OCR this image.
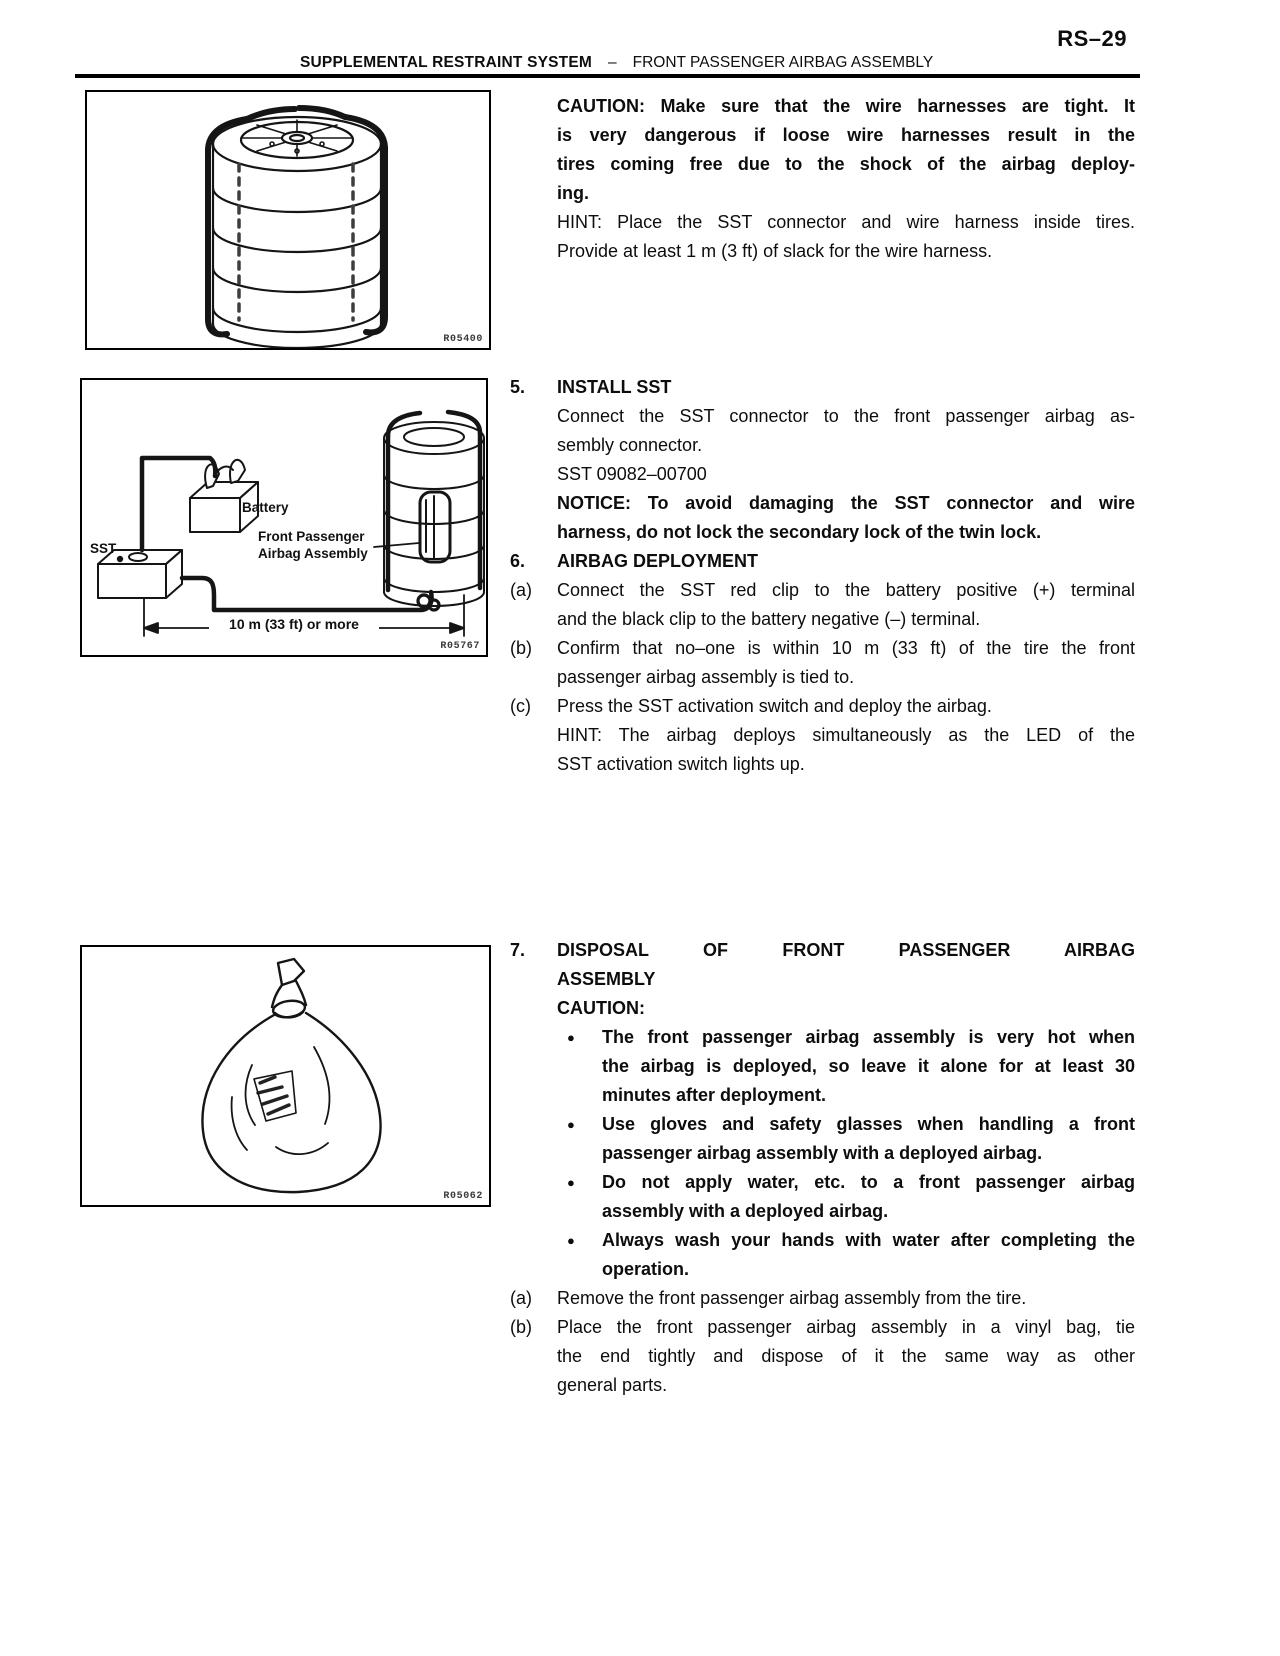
RS–29
SUPPLEMENTAL RESTRAINT SYSTEM – FRONT PASSENGER AIRBAG ASSEMBLY
R05400
SST
Battery
Front Passenger
Airbag Assembly
10 m (33 ft) or more
R05767
R05062
CAUTION: Make sure that the wire harnesses are tight. It
is very dangerous if loose wire harnesses result in the
tires coming free due to the shock of the airbag deploy-
ing.
HINT: Place the SST connector and wire harness inside tires.
Provide at least 1 m (3 ft) of slack for the wire harness.
5. INSTALL SST
Connect the SST connector to the front passenger airbag as-
sembly connector.
SST 09082–00700
NOTICE: To avoid damaging the SST connector and wire
harness, do not lock the secondary lock of the twin lock.
6. AIRBAG DEPLOYMENT
(a) Connect the SST red clip to the battery positive (+) terminal
and the black clip to the battery negative (–) terminal.
(b) Confirm that no–one is within 10 m (33 ft) of the tire the front
passenger airbag assembly is tied to.
(c) Press the SST activation switch and deploy the airbag.
HINT: The airbag deploys simultaneously as the LED of the
SST activation switch lights up.
7. DISPOSAL OF FRONT PASSENGER AIRBAG
ASSEMBLY
CAUTION:
● The front passenger airbag assembly is very hot when
the airbag is deployed, so leave it alone for at least 30
minutes after deployment.
● Use gloves and safety glasses when handling a front
passenger airbag assembly with a deployed airbag.
● Do not apply water, etc. to a front passenger airbag
assembly with a deployed airbag.
● Always wash your hands with water after completing the
operation.
(a) Remove the front passenger airbag assembly from the tire.
(b) Place the front passenger airbag assembly in a vinyl bag, tie
the end tightly and dispose of it the same way as other
general parts.
